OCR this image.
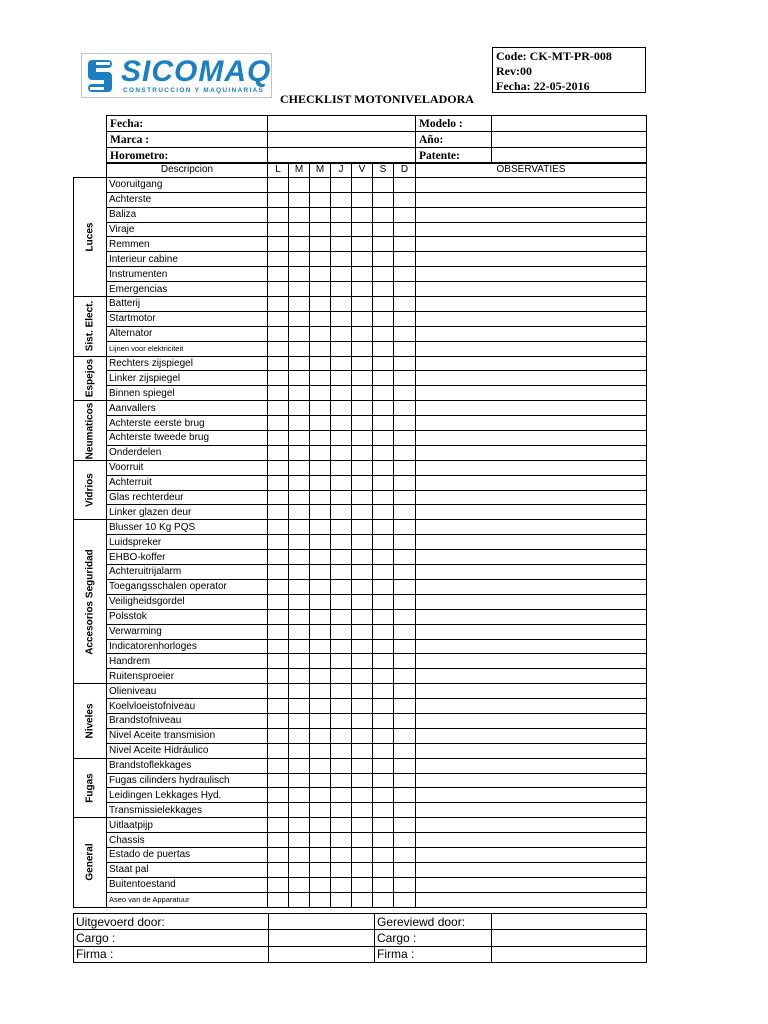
SICOMAQ
CONSTRUCCION Y MAQUINARIAS
CHECKLIST MOTONIVELADORA
Code: CK-MT-PR-008
Rev:00
Fecha: 22-05-2016
Fecha:		Modelo :	
Marca :		Año:	
Horometro:		Patente:	
	Descripcion	L	M	M	J	V	S	D	OBSERVATIES

Luces	Vooruitgang								
	Achterste								
	Baliza								
	Viraje								
	Remmen								
	Interieur cabine								
	Instrumenten								
	Emergencias								

Sist. Elect.	Batterij								
	Startmotor								
	Alternator								
	Lijnen voor elektriciteit								

Espejos	Rechters zijspiegel								
	Linker zijspiegel								
	Binnen spiegel								

Neumaticos	Aanvallers								
	Achterste eerste brug								
	Achterste tweede brug								
	Onderdelen								

Vidrios	Voorruit								
	Achterruit								
	Glas rechterdeur								
	Linker glazen deur								

Accesorios Seguridad	Blusser 10 Kg PQS								
	Luidspreker								
	EHBO-koffer								
	Achteruitrijalarm								
	Toegangsschalen operator								
	Veiligheidsgordel								
	Polsstok								
	Verwarming								
	Indicatorenhorloges								
	Handrem								
	Ruitensproeier								

Niveles	Olieniveau								
	Koelvloeistofniveau								
	Brandstofniveau								
	Nivel Aceite transmision								
	Nivel Aceite Hidráulico								

Fugas	Brandstoflekkages								
	Fugas cilinders hydraulisch								
	Leidingen Lekkages Hyd.								
	Transmissielekkages								

General	Uitlaatpijp								
	Chassis								
	Estado de puertas								
	Staat pal								
	Buitentoestand								
	Aseo van de Apparatuur								
Uitgevoerd door:		Gereviewd door:	
Cargo :		Cargo :	
Firma :		Firma :	
